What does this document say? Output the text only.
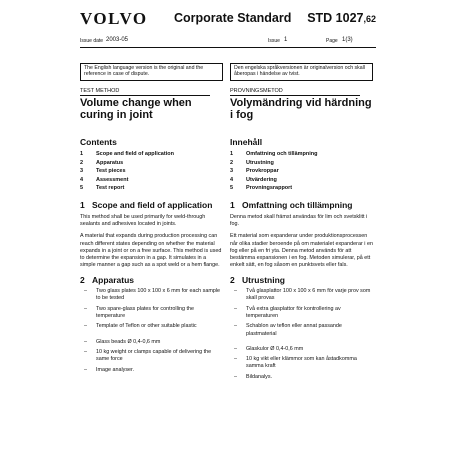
VOLVO Corporate Standard STD 1027,62
Issue date 2003-05	Issue 1	Page 1(3)
The English language version is the original and the reference in case of dispute.
Den engelska språkversionen är originalversion och skall åberopas i händelse av tvist.
TEST METHOD
Volume change when curing in joint
Contents
1 Scope and field of application
2 Apparatus
3 Test pieces
4 Assessment
5 Test report
1 Scope and field of application

This method shall be used primarily for weld-through sealants and adhesives located in joints.

A material that expands during production processing can reach different states depending on whether the material expands in a joint or on a free surface. This method is used to determine the expansion in a gap. It simulates in a simple manner a gap such as a spot weld or a hem flange.

2 Apparatus
– Two glass plates 100 x 100 x 6 mm for each sample to be tested
– Two spare-glass plates for controlling the temperature
– Template of Teflon or other suitable plastic
– Glass beads Ø 0,4-0,6 mm
– 10 kg weight or clamps capable of delivering the same force
– Image analyser.
PROVNINGSMETOD
Volymändring vid härdning i fog
Innehåll
1 Omfattning och tillämpning
2 Utrustning
3 Provkroppar
4 Utvärdering
5 Provningsrapport
1 Omfattning och tillämpning

Denna metod skall främst användas för lim och svetsklitt i fog.

Ett material som expanderar under produktionsprocessen når olika stadier beroende på om materialet expanderar i en fog eller på en fri yta. Denna metod används för att bestämma expansionen i en fog. Metoden simulerar, på ett enkelt sätt, en fog såsom en punktsvets eller fals.

2 Utrustning
– Två glasplattor 100 x 100 x 6 mm för varje prov som skall provas
– Två extra glasplattor för kontrollering av temperaturen
– Schablon av teflon eller annat passande plastmaterial
– Glaskulor Ø 0,4-0,6 mm
– 10 kg vikt eller klämmor som kan åstadkomma samma kraft
– Bildanalys.
